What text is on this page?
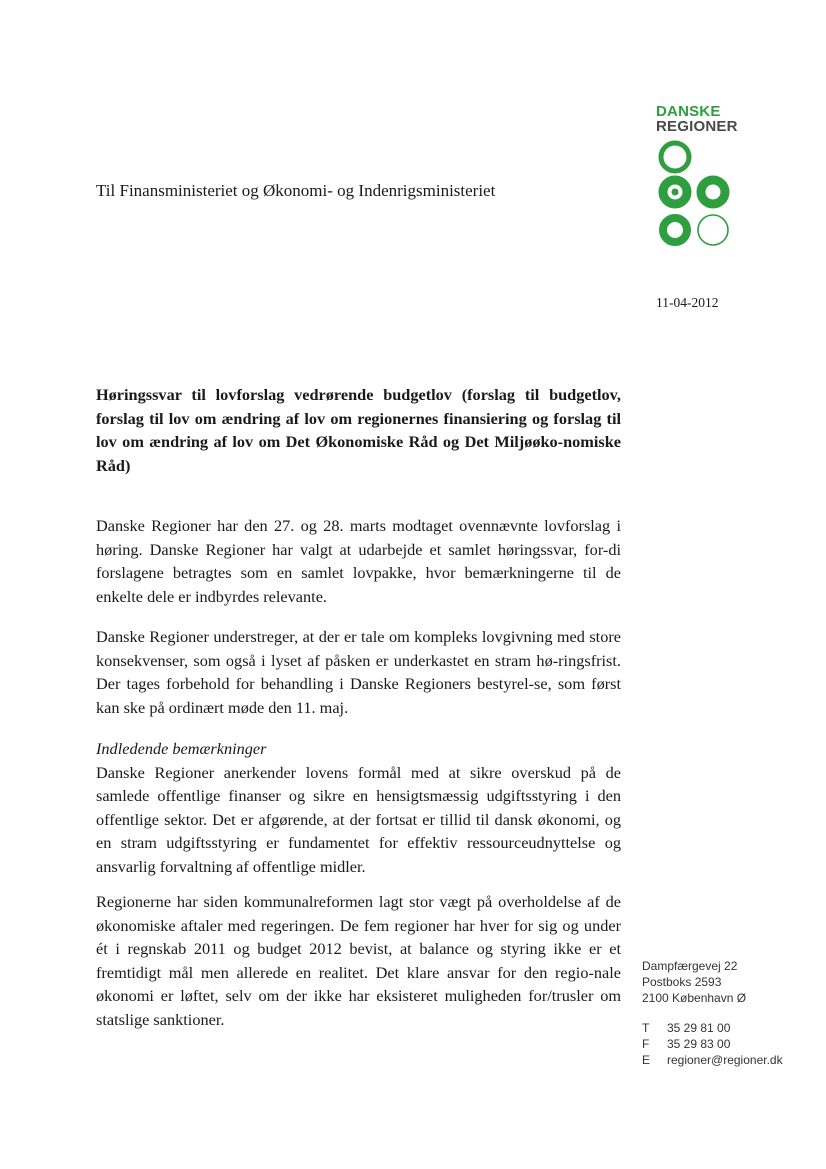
DANSKE
REGIONER
Til Finansministeriet og Økonomi- og Indenrigsministeriet
11-04-2012

Høringssvar til lovforslag vedrørende budgetlov (forslag til budgetlov, forslag til lov om ændring af lov om regionernes finansiering og forslag til lov om ændring af lov om Det Økonomiske Råd og Det Miljøøko-nomiske Råd)

Danske Regioner har den 27. og 28. marts modtaget ovennævnte lovforslag i høring. Danske Regioner har valgt at udarbejde et samlet høringssvar, for-di forslagene betragtes som en samlet lovpakke, hvor bemærkningerne til de enkelte dele er indbyrdes relevante.

Danske Regioner understreger, at der er tale om kompleks lovgivning med store konsekvenser, som også i lyset af påsken er underkastet en stram hø-ringsfrist. Der tages forbehold for behandling i Danske Regioners bestyrel-se, som først kan ske på ordinært møde den 11. maj.

Indledende bemærkninger
Danske Regioner anerkender lovens formål med at sikre overskud på de samlede offentlige finanser og sikre en hensigtsmæssig udgiftsstyring i den offentlige sektor. Det er afgørende, at der fortsat er tillid til dansk økonomi, og en stram udgiftsstyring er fundamentet for effektiv ressourceudnyttelse og ansvarlig forvaltning af offentlige midler.

Regionerne har siden kommunalreformen lagt stor vægt på overholdelse af de økonomiske aftaler med regeringen. De fem regioner har hver for sig og under ét i regnskab 2011 og budget 2012 bevist, at balance og styring ikke er et fremtidigt mål men allerede en realitet. Det klare ansvar for den regio-nale økonomi er løftet, selv om der ikke har eksisteret muligheden for/trusler om statslige sanktioner.

Dampfærgevej 22
Postboks 2593
2100 København Ø
T	35 29 81 00
F	35 29 83 00
E	regioner@regioner.dk
